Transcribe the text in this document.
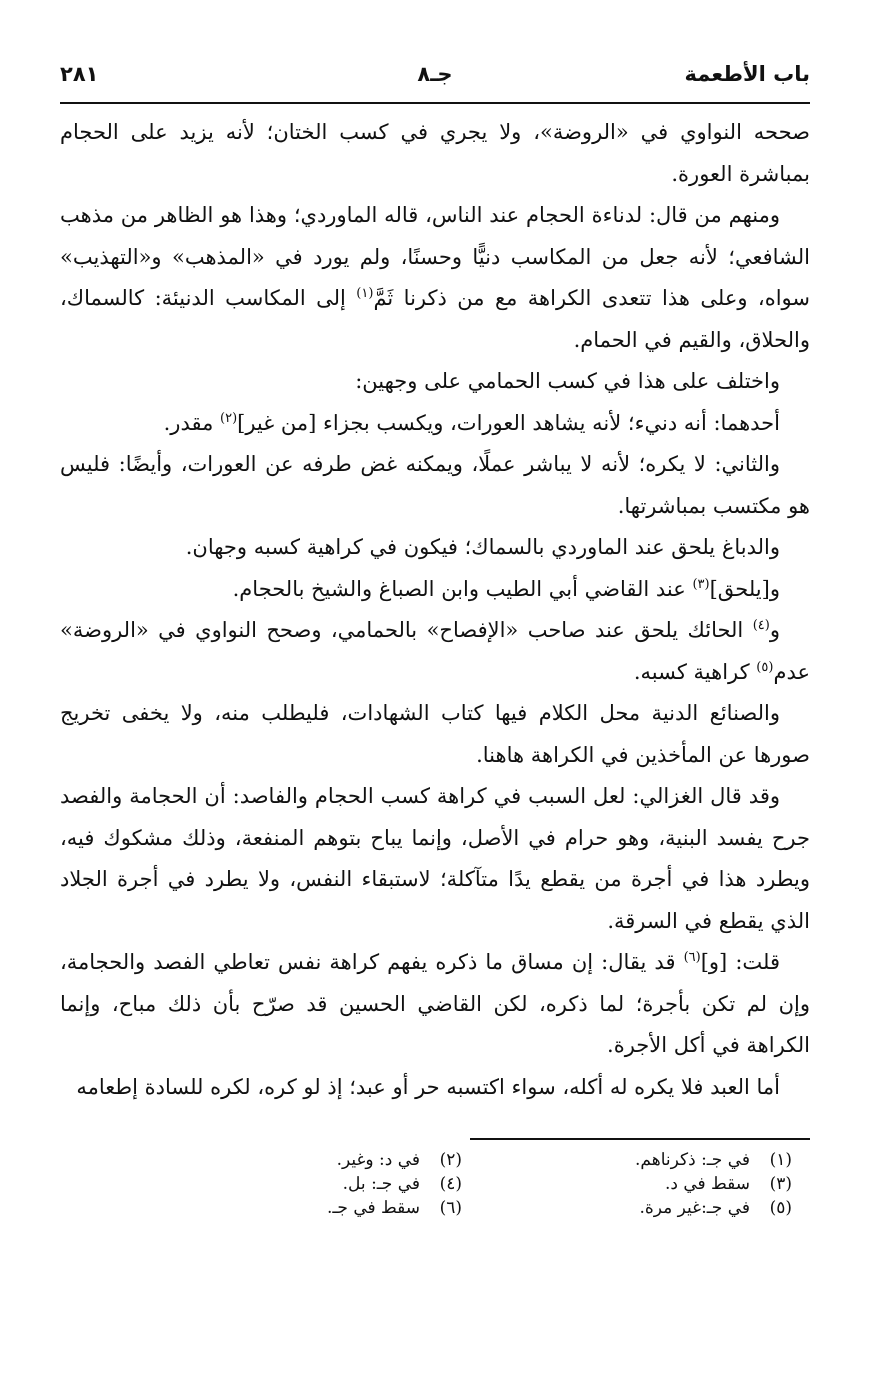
باب الأطعمة
جـ٨
٢٨١

صححه النواوي في «الروضة»، ولا يجري في كسب الختان؛ لأنه يزيد على الحجام بمباشرة العورة.

ومنهم من قال: لدناءة الحجام عند الناس، قاله الماوردي؛ وهذا هو الظاهر من مذهب الشافعي؛ لأنه جعل من المكاسب دنيًّا وحسنًا، ولم يورد في «المذهب» و«التهذيب» سواه، وعلى هذا تتعدى الكراهة مع من ذكرنا ثَمَّ$^{(١)}$ إلى المكاسب الدنيئة: كالسماك، والحلاق، والقيم في الحمام.

واختلف على هذا في كسب الحمامي على وجهين:

أحدهما: أنه دنيء؛ لأنه يشاهد العورات، ويكسب بجزاء [من غير]$^{(٢)}$ مقدر.

والثاني: لا يكره؛ لأنه لا يباشر عملًا، ويمكنه غض طرفه عن العورات، وأيضًا: فليس هو مكتسب بمباشرتها.

والدباغ يلحق عند الماوردي بالسماك؛ فيكون في كراهية كسبه وجهان.

و[يلحق]$^{(٣)}$ عند القاضي أبي الطيب وابن الصباغ والشيخ بالحجام.

و$^{(٤)}$ الحائك يلحق عند صاحب «الإفصاح» بالحمامي، وصحح النواوي في «الروضة» عدم$^{(٥)}$ كراهية كسبه.

والصنائع الدنية محل الكلام فيها كتاب الشهادات، فليطلب منه، ولا يخفى تخريج صورها عن المأخذين في الكراهة هاهنا.

وقد قال الغزالي: لعل السبب في كراهة كسب الحجام والفاصد: أن الحجامة والفصد جرح يفسد البنية، وهو حرام في الأصل، وإنما يباح بتوهم المنفعة، وذلك مشكوك فيه، ويطرد هذا في أجرة من يقطع يدًا متآكلة؛ لاستبقاء النفس، ولا يطرد في أجرة الجلاد الذي يقطع في السرقة.

قلت: [و]$^{(٦)}$ قد يقال: إن مساق ما ذكره يفهم كراهة نفس تعاطي الفصد والحجامة، وإن لم تكن بأجرة؛ لما ذكره، لكن القاضي الحسين قد صرّح بأن ذلك مباح، وإنما الكراهة في أكل الأجرة.

أما العبد فلا يكره له أكله، سواء اكتسبه حر أو عبد؛ إذ لو كره، لكره للسادة إطعامه

(١)
في جـ: ذكرناهم.
(٢)
في د: وغير.
(٣)
سقط في د.
(٤)
في جـ: بل.
(٥)
في جـ:غير مرة.
(٦)
سقط في جـ.
